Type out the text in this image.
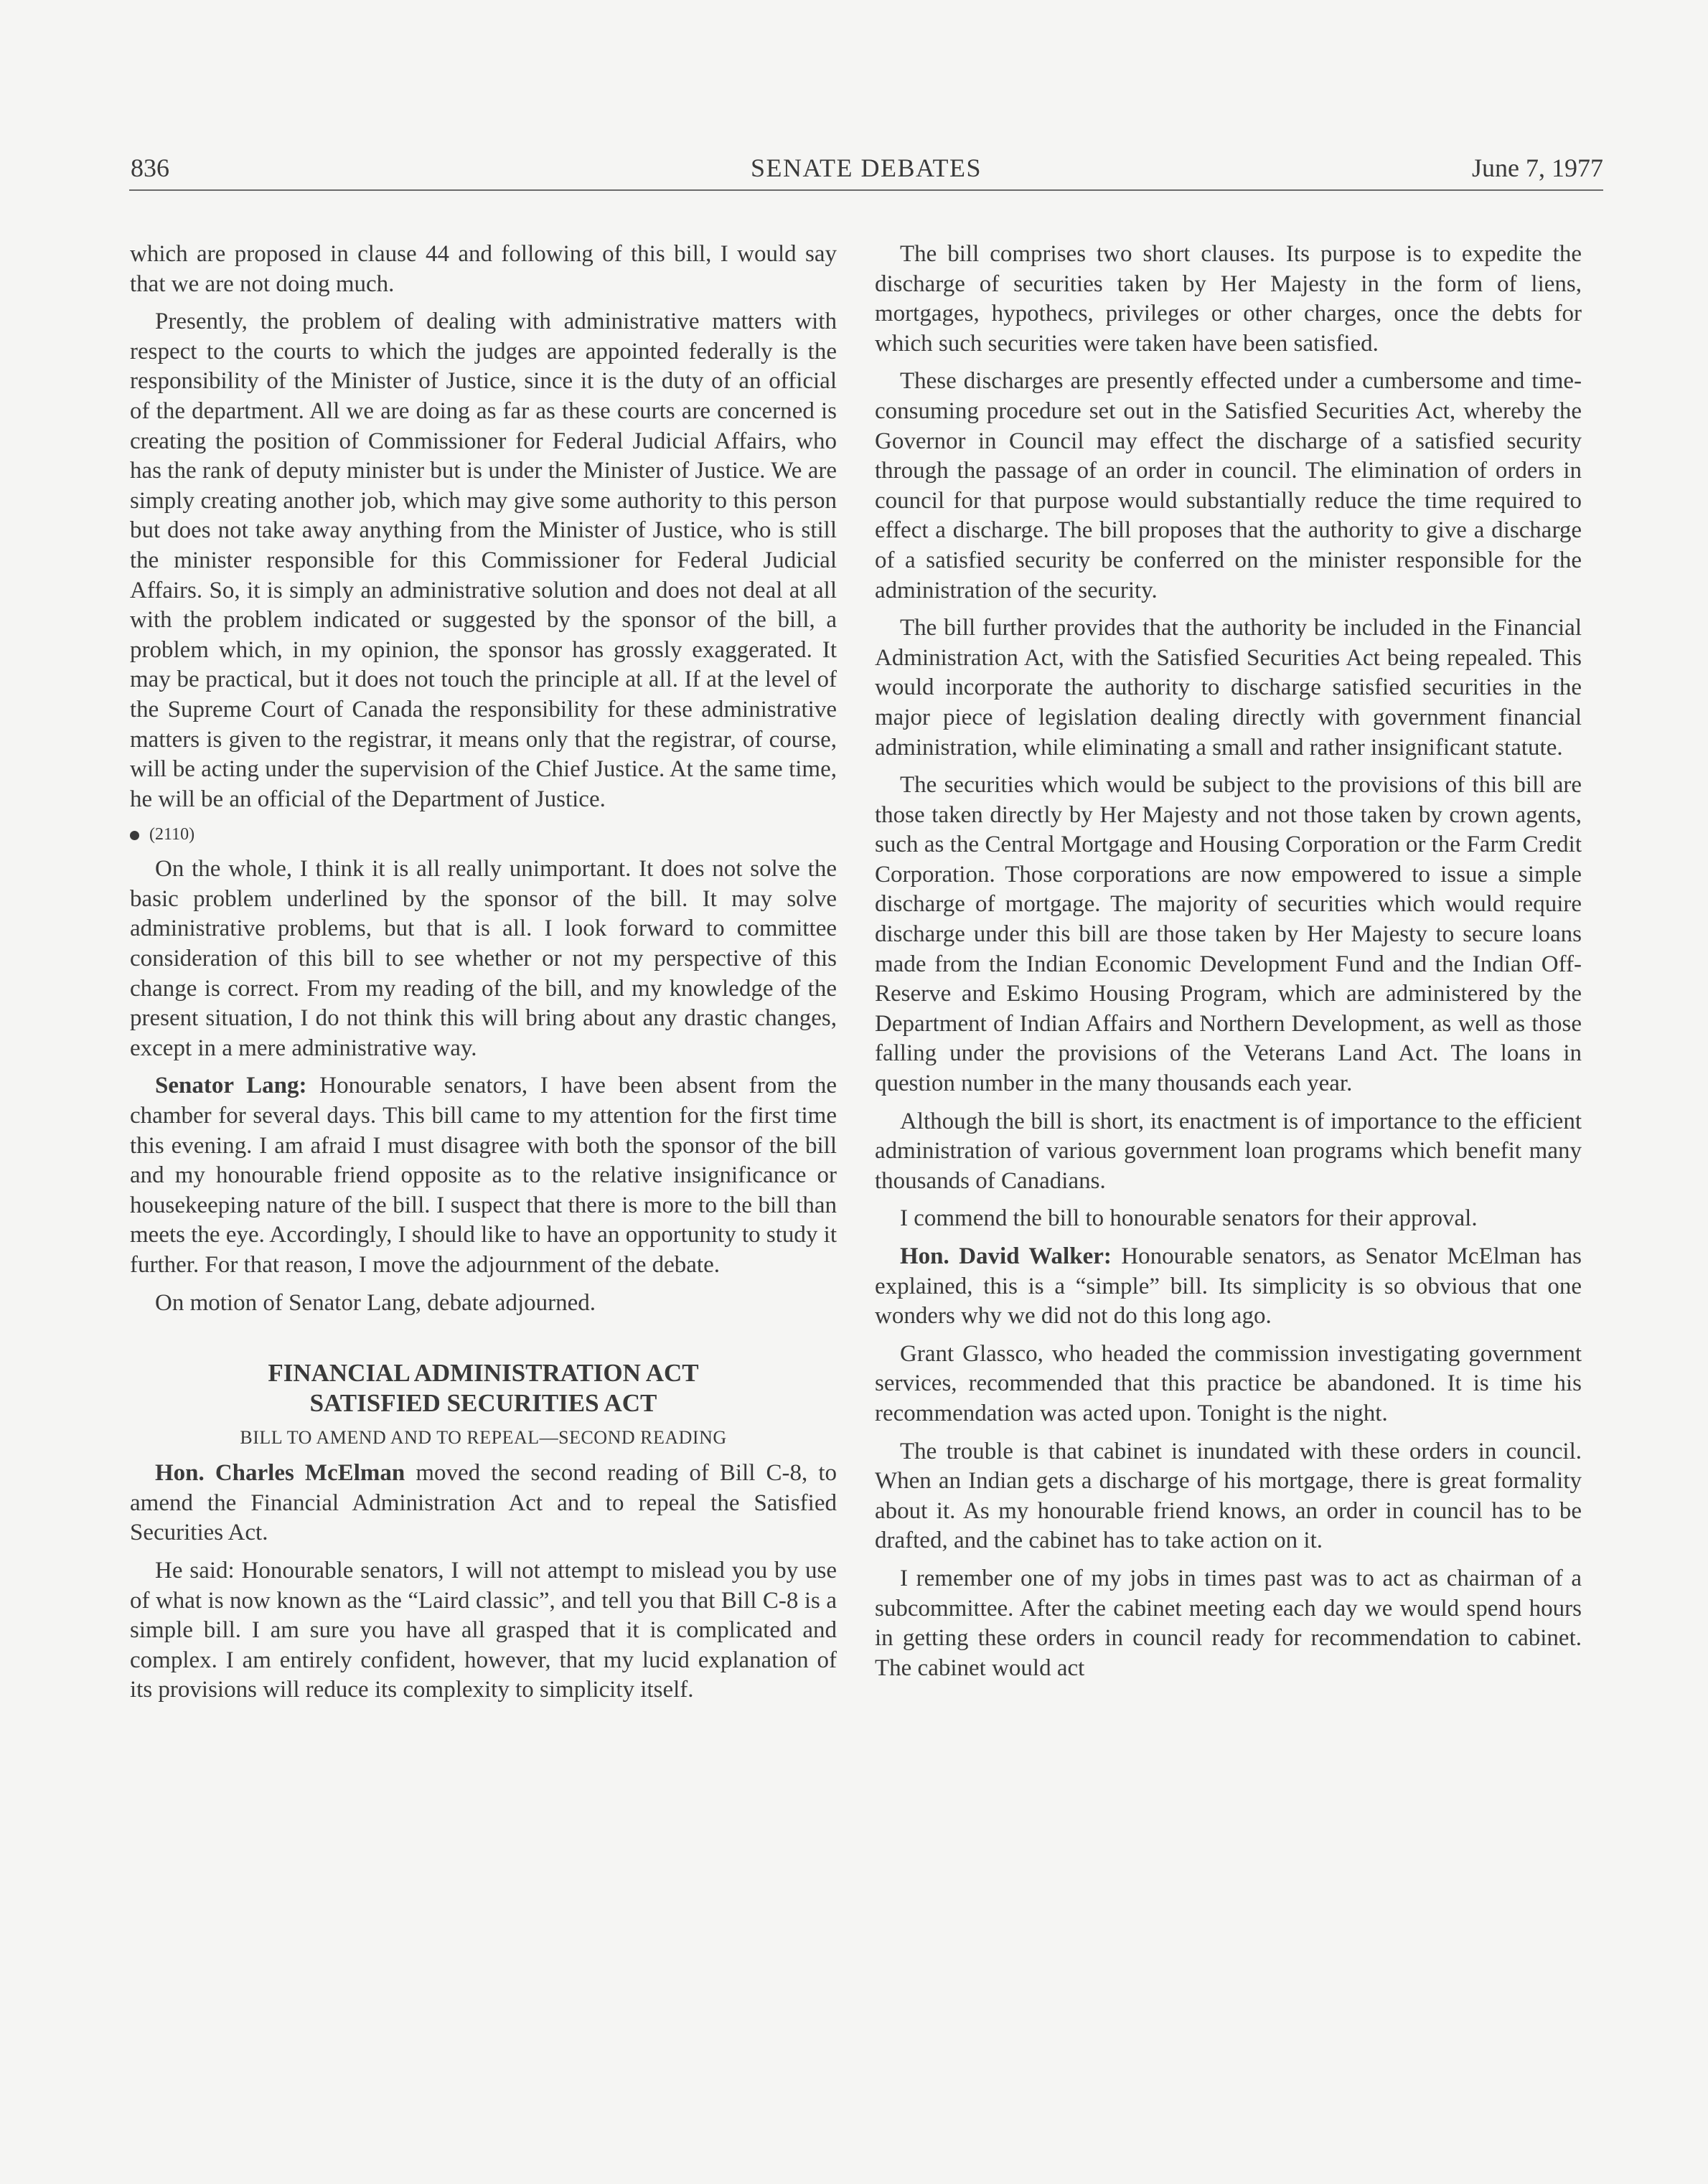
836	SENATE DEBATES	June 7, 1977

which are proposed in clause 44 and following of this bill, I would say that we are not doing much.

Presently, the problem of dealing with administrative matters with respect to the courts to which the judges are appointed federally is the responsibility of the Minister of Justice, since it is the duty of an official of the department. All we are doing as far as these courts are concerned is creating the position of Commissioner for Federal Judicial Affairs, who has the rank of deputy minister but is under the Minister of Justice. We are simply creating another job, which may give some authority to this person but does not take away anything from the Minister of Justice, who is still the minister responsible for this Commissioner for Federal Judicial Affairs. So, it is simply an administrative solution and does not deal at all with the problem indicated or suggested by the sponsor of the bill, a problem which, in my opinion, the sponsor has grossly exaggerated. It may be practical, but it does not touch the principle at all. If at the level of the Supreme Court of Canada the responsibility for these administrative matters is given to the registrar, it means only that the registrar, of course, will be acting under the supervision of the Chief Justice. At the same time, he will be an official of the Department of Justice.

(2110)

On the whole, I think it is all really unimportant. It does not solve the basic problem underlined by the sponsor of the bill. It may solve administrative problems, but that is all. I look forward to committee consideration of this bill to see whether or not my perspective of this change is correct. From my reading of the bill, and my knowledge of the present situation, I do not think this will bring about any drastic changes, except in a mere administrative way.

Senator Lang: Honourable senators, I have been absent from the chamber for several days. This bill came to my attention for the first time this evening. I am afraid I must disagree with both the sponsor of the bill and my honourable friend opposite as to the relative insignificance or housekeeping nature of the bill. I suspect that there is more to the bill than meets the eye. Accordingly, I should like to have an opportunity to study it further. For that reason, I move the adjournment of the debate.

On motion of Senator Lang, debate adjourned.

FINANCIAL ADMINISTRATION ACT
SATISFIED SECURITIES ACT
BILL TO AMEND AND TO REPEAL—SECOND READING

Hon. Charles McElman moved the second reading of Bill C-8, to amend the Financial Administration Act and to repeal the Satisfied Securities Act.

He said: Honourable senators, I will not attempt to mislead you by use of what is now known as the “Laird classic”, and tell you that Bill C-8 is a simple bill. I am sure you have all grasped that it is complicated and complex. I am entirely confident, however, that my lucid explanation of its provisions will reduce its complexity to simplicity itself.

The bill comprises two short clauses. Its purpose is to expedite the discharge of securities taken by Her Majesty in the form of liens, mortgages, hypothecs, privileges or other charges, once the debts for which such securities were taken have been satisfied.

These discharges are presently effected under a cumbersome and time-consuming procedure set out in the Satisfied Securities Act, whereby the Governor in Council may effect the discharge of a satisfied security through the passage of an order in council. The elimination of orders in council for that purpose would substantially reduce the time required to effect a discharge. The bill proposes that the authority to give a discharge of a satisfied security be conferred on the minister responsible for the administration of the security.

The bill further provides that the authority be included in the Financial Administration Act, with the Satisfied Securities Act being repealed. This would incorporate the authority to discharge satisfied securities in the major piece of legislation dealing directly with government financial administration, while eliminating a small and rather insignificant statute.

The securities which would be subject to the provisions of this bill are those taken directly by Her Majesty and not those taken by crown agents, such as the Central Mortgage and Housing Corporation or the Farm Credit Corporation. Those corporations are now empowered to issue a simple discharge of mortgage. The majority of securities which would require discharge under this bill are those taken by Her Majesty to secure loans made from the Indian Economic Development Fund and the Indian Off-Reserve and Eskimo Housing Program, which are administered by the Department of Indian Affairs and Northern Development, as well as those falling under the provisions of the Veterans Land Act. The loans in question number in the many thousands each year.

Although the bill is short, its enactment is of importance to the efficient administration of various government loan programs which benefit many thousands of Canadians.

I commend the bill to honourable senators for their approval.

Hon. David Walker: Honourable senators, as Senator McElman has explained, this is a “simple” bill. Its simplicity is so obvious that one wonders why we did not do this long ago.

Grant Glassco, who headed the commission investigating government services, recommended that this practice be abandoned. It is time his recommendation was acted upon. Tonight is the night.

The trouble is that cabinet is inundated with these orders in council. When an Indian gets a discharge of his mortgage, there is great formality about it. As my honourable friend knows, an order in council has to be drafted, and the cabinet has to take action on it.

I remember one of my jobs in times past was to act as chairman of a subcommittee. After the cabinet meeting each day we would spend hours in getting these orders in council ready for recommendation to cabinet. The cabinet would act
